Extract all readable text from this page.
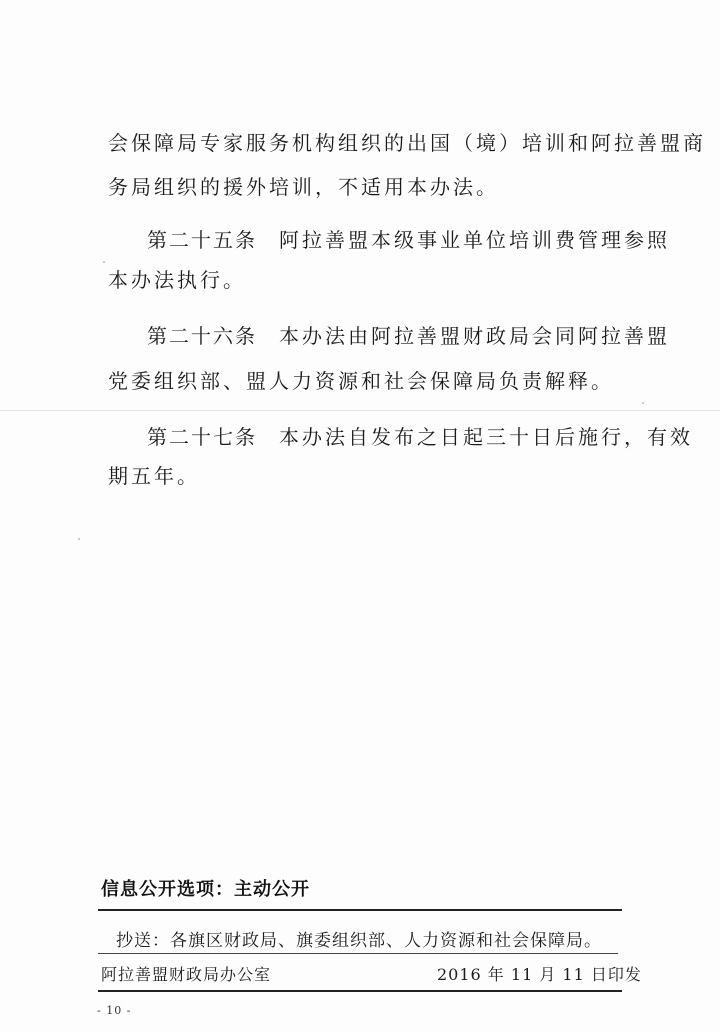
会保障局专家服务机构组织的出国（境）培训和阿拉善盟商
务局组织的援外培训，不适用本办法。
第二十五条 阿拉善盟本级事业单位培训费管理参照
本办法执行。
第二十六条 本办法由阿拉善盟财政局会同阿拉善盟
党委组织部、盟人力资源和社会保障局负责解释。
第二十七条 本办法自发布之日起三十日后施行，有效
期五年。
信息公开选项：主动公开
抄送：各旗区财政局、旗委组织部、人力资源和社会保障局。
阿拉善盟财政局办公室	2016 年 11 月 11 日印发
- 10 -
